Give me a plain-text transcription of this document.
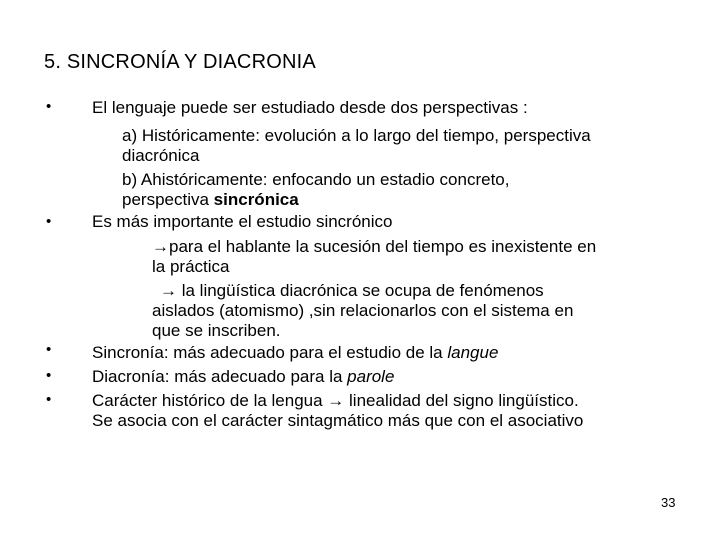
5. SINCRONÍA Y DIACRONIA
•
•
•
•
•
El lenguaje puede ser estudiado desde dos perspectivas :
a) Históricamente: evolución a lo largo del tiempo, perspectiva
diacrónica
b) Ahistóricamente: enfocando un estadio concreto,
perspectiva sincrónica
Es más importante el estudio sincrónico
→para el hablante la sucesión del tiempo es inexistente en
la práctica
→ la lingüística diacrónica se ocupa de fenómenos
aislados (atomismo) ,sin relacionarlos con el sistema en
que se inscriben.
Sincronía: más adecuado para el estudio de la langue
Diacronía: más adecuado para la parole
Carácter histórico de la lengua → linealidad del signo lingüístico.
Se asocia con el carácter sintagmático más que con el asociativo
33
